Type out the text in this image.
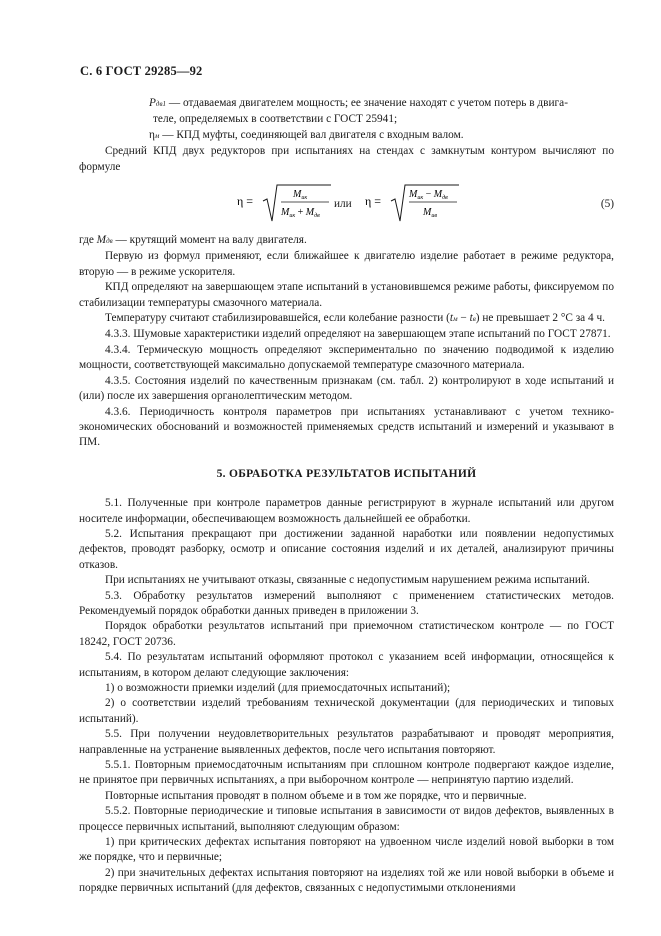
С. 6 ГОСТ 29285—92

Pдв1 — отдаваемая двигателем мощность; ее значение находят с учетом потерь в двига-

теле, определяемых в соответствии с ГОСТ 25941;

ηм — КПД муфты, соединяющей вал двигателя с входным валом.

Средний КПД двух редукторов при испытаниях на стендах с замкнутым контуром вычисляют по формуле

η =	$M_{ик}$
$M_{ик} + M_{дв}$
или η =	$M_{ик} - M_{дв}$
$M_{ив}$
(5)

где Mдв — крутящий момент на валу двигателя.

Первую из формул применяют, если ближайшее к двигателю изделие работает в режиме редуктора, вторую — в режиме ускорителя.

КПД определяют на завершающем этапе испытаний в установившемся режиме работы, фиксируемом по стабилизации температуры смазочного материала.

Температуру считают стабилизировавшейся, если колебание разности (tм − tв) не превышает 2 °C за 4 ч.

4.3.3. Шумовые характеристики изделий определяют на завершающем этапе испытаний по ГОСТ 27871.

4.3.4. Термическую мощность определяют экспериментально по значению подводимой к изделию мощности, соответствующей максимально допускаемой температуре смазочного материала.

4.3.5. Состояния изделий по качественным признакам (см. табл. 2) контролируют в ходе испытаний и (или) после их завершения органолептическим методом.

4.3.6. Периодичность контроля параметров при испытаниях устанавливают с учетом технико-экономических обоснований и возможностей применяемых средств испытаний и измерений и указывают в ПМ.

5. ОБРАБОТКА РЕЗУЛЬТАТОВ ИСПЫТАНИЙ

5.1. Полученные при контроле параметров данные регистрируют в журнале испытаний или другом носителе информации, обеспечивающем возможность дальнейшей ее обработки.

5.2. Испытания прекращают при достижении заданной наработки или появлении недопустимых дефектов, проводят разборку, осмотр и описание состояния изделий и их деталей, анализируют причины отказов.

При испытаниях не учитывают отказы, связанные с недопустимым нарушением режима испытаний.

5.3. Обработку результатов измерений выполняют с применением статистических методов. Рекомендуемый порядок обработки данных приведен в приложении 3.

Порядок обработки результатов испытаний при приемочном статистическом контроле — по ГОСТ 18242, ГОСТ 20736.

5.4. По результатам испытаний оформляют протокол с указанием всей информации, относящейся к испытаниям, в котором делают следующие заключения:

1) о возможности приемки изделий (для приемосдаточных испытаний);

2) о соответствии изделий требованиям технической документации (для периодических и типовых испытаний).

5.5. При получении неудовлетворительных результатов разрабатывают и проводят мероприятия, направленные на устранение выявленных дефектов, после чего испытания повторяют.

5.5.1. Повторным приемосдаточным испытаниям при сплошном контроле подвергают каждое изделие, не принятое при первичных испытаниях, а при выборочном контроле — непринятую партию изделий.

Повторные испытания проводят в полном объеме и в том же порядке, что и первичные.

5.5.2. Повторные периодические и типовые испытания в зависимости от видов дефектов, выявленных в процессе первичных испытаний, выполняют следующим образом:

1) при критических дефектах испытания повторяют на удвоенном числе изделий новой выборки в том же порядке, что и первичные;

2) при значительных дефектах испытания повторяют на изделиях той же или новой выборки в объеме и порядке первичных испытаний (для дефектов, связанных с недопустимыми отклонениями
